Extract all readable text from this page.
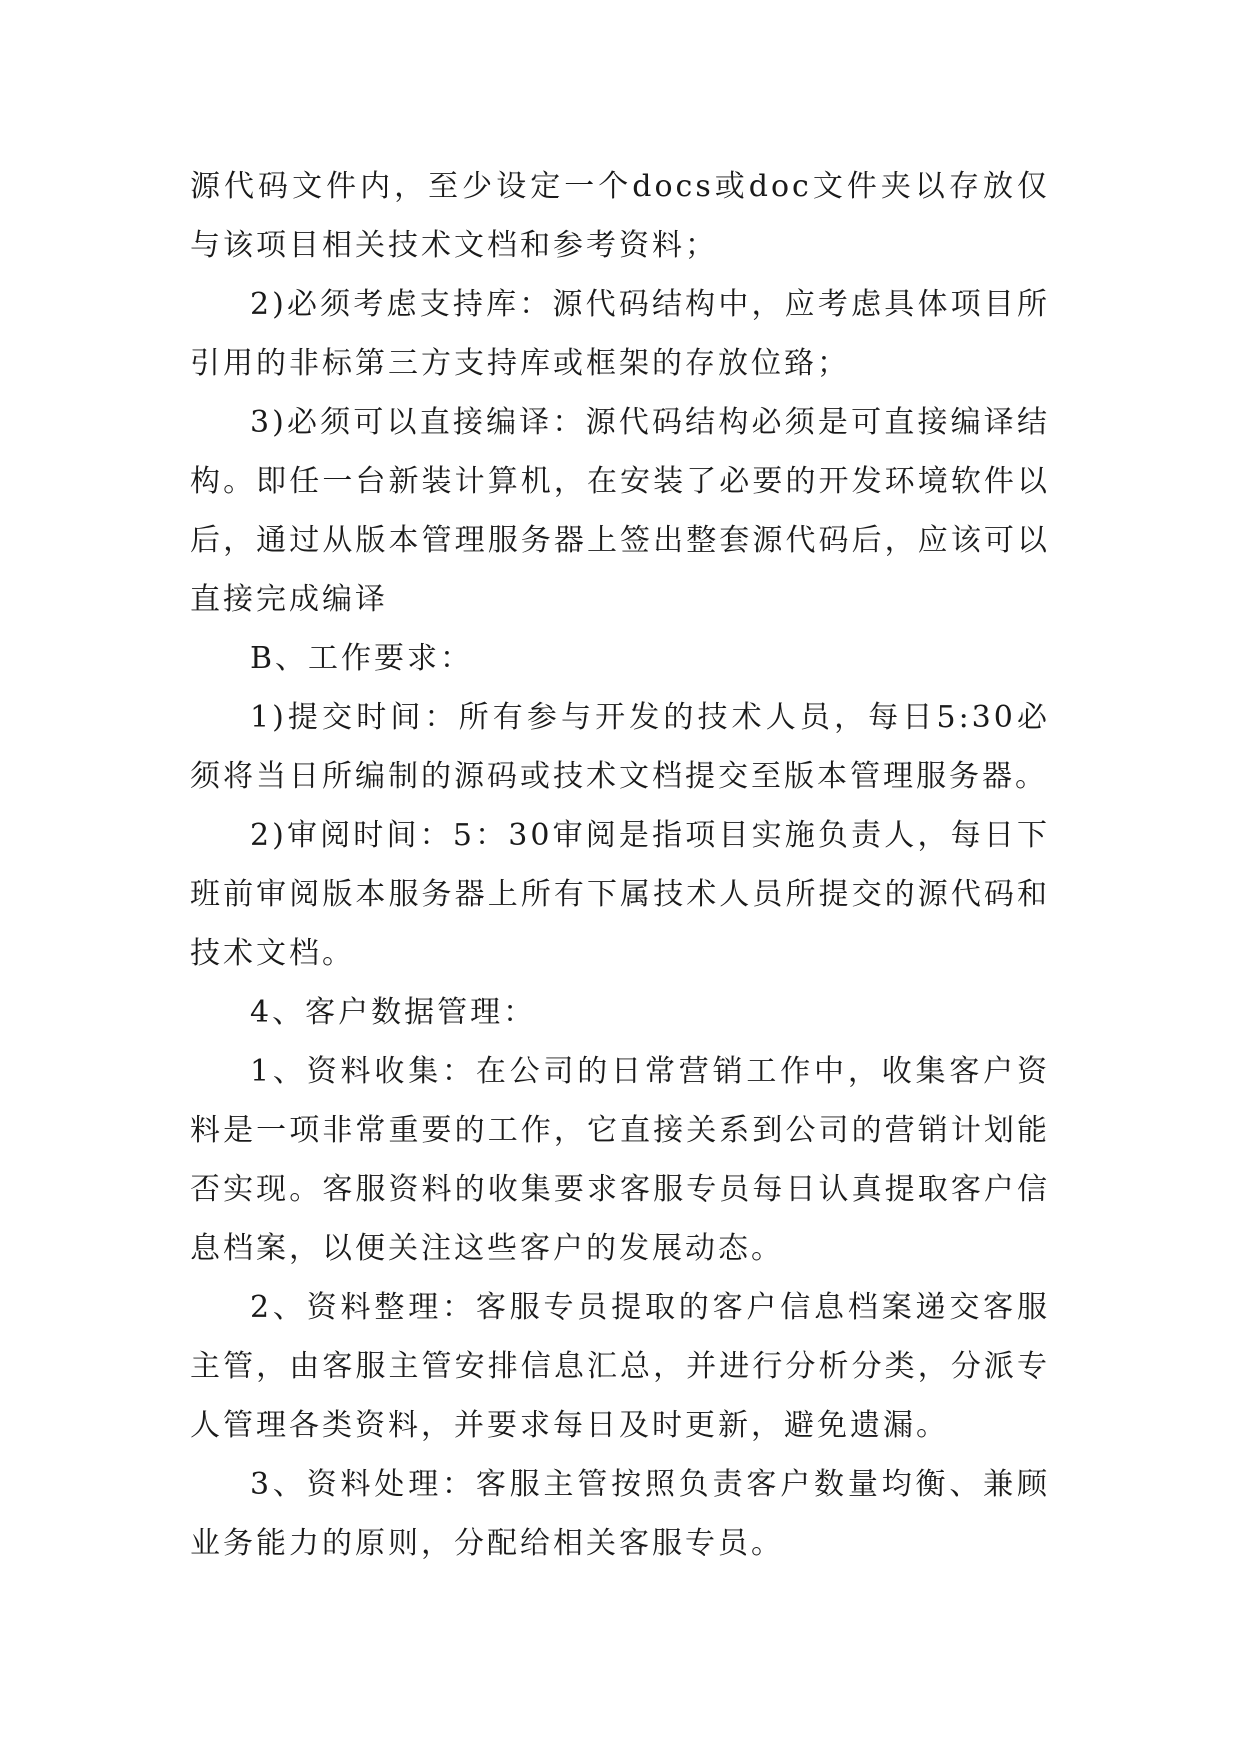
源代码文件内，至少设定一个docs或doc文件夹以存放仅与该项目相关技术文档和参考资料；

2)必须考虑支持库：源代码结构中，应考虑具体项目所引用的非标第三方支持库或框架的存放位臵；

3)必须可以直接编译：源代码结构必须是可直接编译结构。即任一台新装计算机，在安装了必要的开发环境软件以后，通过从版本管理服务器上签出整套源代码后，应该可以直接完成编译

B、工作要求：

1)提交时间：所有参与开发的技术人员，每日5:30必须将当日所编制的源码或技术文档提交至版本管理服务器。

2)审阅时间：5：30审阅是指项目实施负责人，每日下班前审阅版本服务器上所有下属技术人员所提交的源代码和技术文档。

4、客户数据管理：

1、资料收集：在公司的日常营销工作中，收集客户资料是一项非常重要的工作，它直接关系到公司的营销计划能否实现。客服资料的收集要求客服专员每日认真提取客户信息档案，以便关注这些客户的发展动态。

2、资料整理：客服专员提取的客户信息档案递交客服主管，由客服主管安排信息汇总，并进行分析分类，分派专人管理各类资料，并要求每日及时更新，避免遗漏。

3、资料处理：客服主管按照负责客户数量均衡、兼顾业务能力的原则，分配给相关客服专员。
